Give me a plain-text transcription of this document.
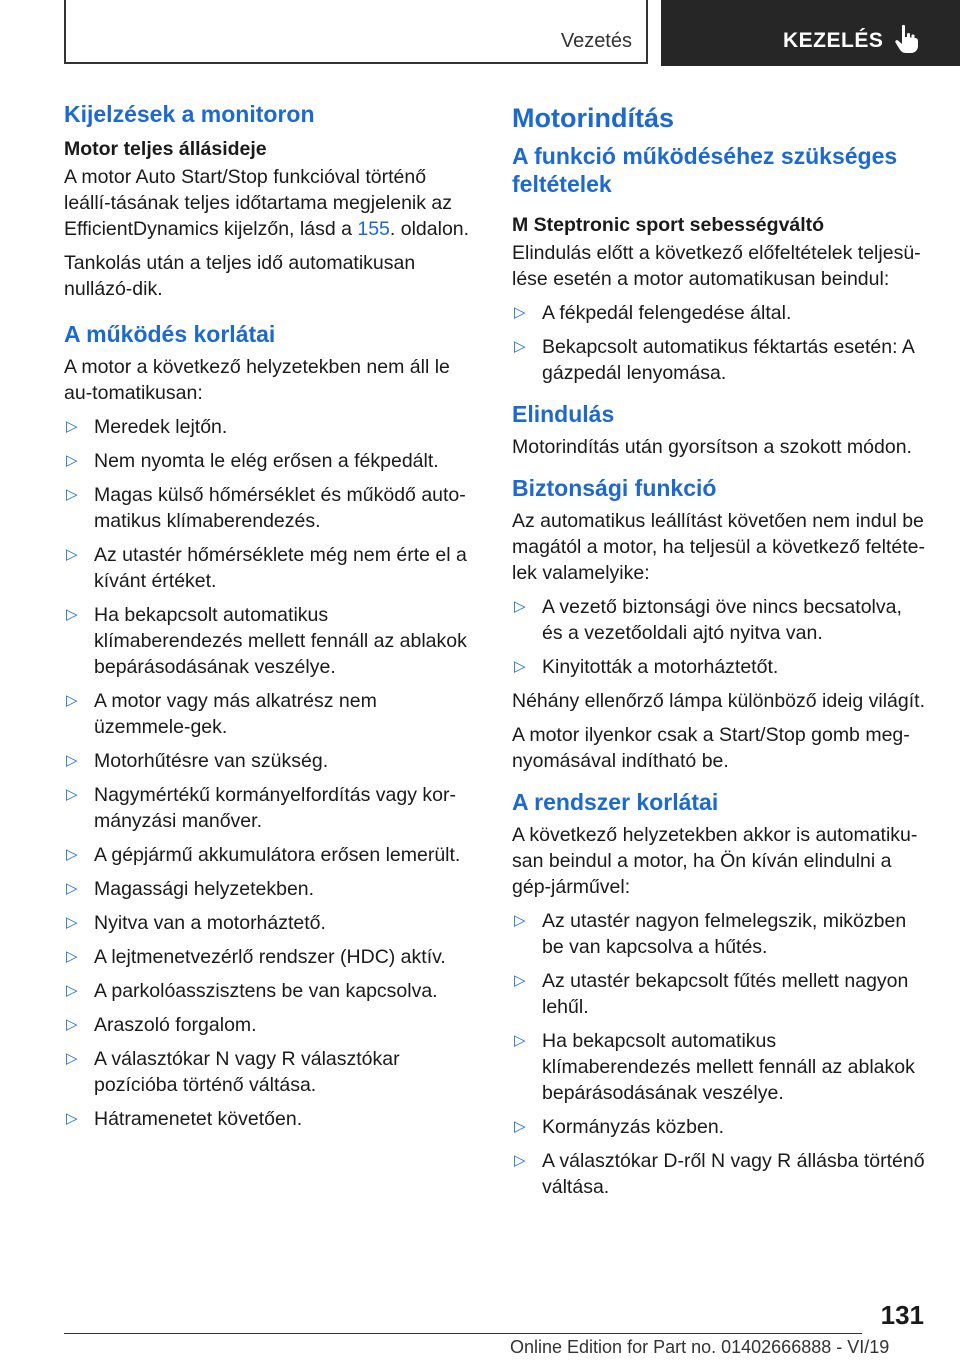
Vezetés	KEZELÉS
Kijelzések a monitoron
Motor teljes állásideje

A motor Auto Start/Stop funkcióval történő leállí-tásának teljes időtartama megjelenik az EfficientDynamics kijelzőn, lásd a 155. oldalon.

Tankolás után a teljes idő automatikusan nullázó-dik.

A működés korlátai

A motor a következő helyzetekben nem áll le au-tomatikusan:

▷ Meredek lejtőn.
▷ Nem nyomta le elég erősen a fékpedált.
▷ Magas külső hőmérséklet és működő auto-matikus klímaberendezés.
▷ Az utastér hőmérséklete még nem érte el a kívánt értéket.
▷ Ha bekapcsolt automatikus klímaberendezés mellett fennáll az ablakok bepárásodásának veszélye.
▷ A motor vagy más alkatrész nem üzemmele-gek.
▷ Motorhűtésre van szükség.
▷ Nagymértékű kormányelfordítás vagy kor-mányzási manőver.
▷ A gépjármű akkumulátora erősen lemerült.
▷ Magassági helyzetekben.
▷ Nyitva van a motorháztető.
▷ A lejtmenetvezérlő rendszer (HDC) aktív.
▷ A parkolóasszisztens be van kapcsolva.
▷ Araszoló forgalom.
▷ A választókar N vagy R választókar pozícióba történő váltása.
▷ Hátramenetet követően.
Motorindítás
A funkció működéséhez szükséges feltételek
M Steptronic sport sebességváltó

Elindulás előtt a következő előfeltételek teljesü-lése esetén a motor automatikusan beindul:

▷ A fékpedál felengedése által.
▷ Bekapcsolt automatikus féktartás esetén: A gázpedál lenyomása.
Elindulás

Motorindítás után gyorsítson a szokott módon.

Biztonsági funkció

Az automatikus leállítást követően nem indul be magától a motor, ha teljesül a következő feltéte-lek valamelyike:

▷ A vezető biztonsági öve nincs becsatolva, és a vezetőoldali ajtó nyitva van.
▷ Kinyitották a motorháztetőt.

Néhány ellenőrző lámpa különböző ideig világít.

A motor ilyenkor csak a Start/Stop gomb meg-nyomásával indítható be.

A rendszer korlátai

A következő helyzetekben akkor is automatiku-san beindul a motor, ha Ön kíván elindulni a gép-járművel:

▷ Az utastér nagyon felmelegszik, miközben be van kapcsolva a hűtés.
▷ Az utastér bekapcsolt fűtés mellett nagyon lehűl.
▷ Ha bekapcsolt automatikus klímaberendezés mellett fennáll az ablakok bepárásodásának veszélye.
▷ Kormányzás közben.
▷ A választókar D-ről N vagy R állásba történő váltása.
131
Online Edition for Part no. 01402666888 - VI/19
